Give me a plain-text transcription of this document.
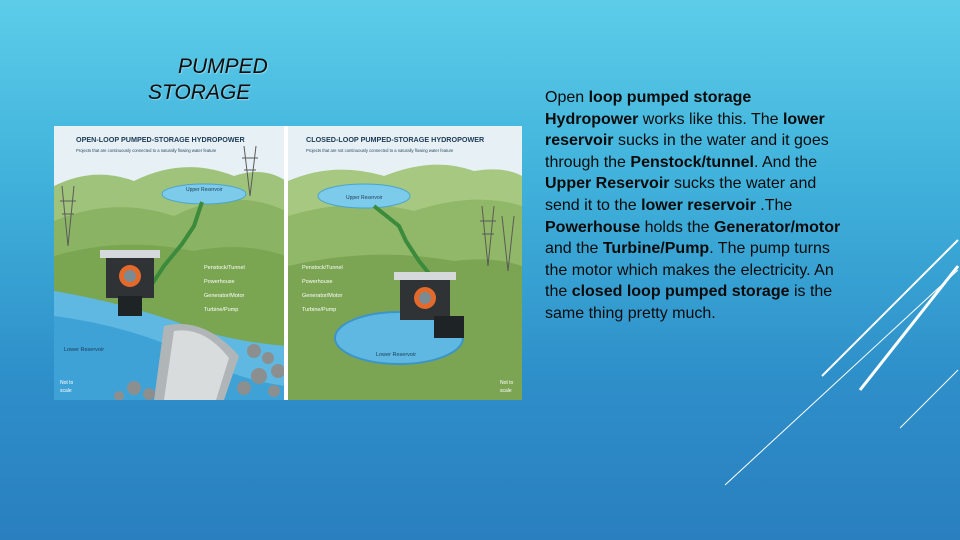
PUMPED
STORAGE
OPEN-LOOP PUMPED-STORAGE HYDROPOWER
Projects that are continuously connected to a naturally flowing water feature
Upper Reservoir
Penstock/Tunnel
Powerhouse
Generator/Motor
Turbine/Pump
Lower Reservoir
Not to
scale
CLOSED-LOOP PUMPED-STORAGE HYDROPOWER
Projects that are not continuously connected to a naturally flowing water feature
Upper Reservoir
Penstock/Tunnel
Powerhouse
Generator/Motor
Turbine/Pump
Lower Reservoir
Not to
scale
Open loop pumped storage Hydropower works like this. The lower reservoir sucks in the water and it goes through the Penstock/tunnel. And the Upper Reservoir sucks the water and send it to the lower reservoir .The Powerhouse holds the Generator/motor and the Turbine/Pump. The pump turns the motor which makes the electricity. An the closed loop pumped storage is the same thing pretty much.
